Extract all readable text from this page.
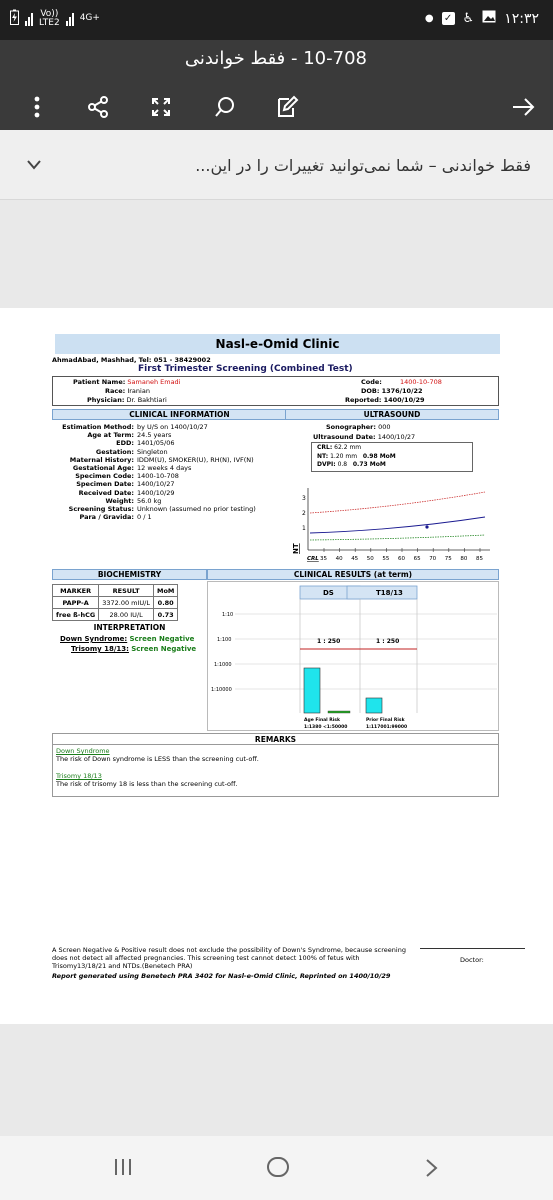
Vo))
LTE2 4G+	● ✓ ♿ ۱۲:۳۲
10-708 - فقط خواندنی
فقط خواندنی – شما نمی‌توانید تغییرات را در این...
Nasl-e-Omid Clinic
AhmadAbad, Mashhad, Tel: 051 - 38429002
First Trimester Screening (Combined Test)
Patient Name: Samaneh Emadi
Race: Iranian
Physician: Dr. Bakhtiari
Code:	1400-10-708
DOB: 1376/10/22
Reported: 1400/10/29
CLINICAL INFORMATION	ULTRASOUND
Estimation Method: by U/S on 1400/10/27
Age at Term: 24.5 years
EDD: 1401/05/06
Gestation: Singleton
Maternal History: IDDM(U), SMOKER(U), RH(N), IVF(N)
Gestational Age: 12 weeks 4 days
Specimen Code: 1400-10-708
Specimen Date: 1400/10/27
Received Date: 1400/10/29
Weight: 56.0 kg
Screening Status: Unknown (assumed no prior testing)
Para / Gravida: 0 / 1
Sonographer: 000
Ultrasound Date: 1400/10/27
CRL: 62.2 mm
NT: 1.20 mm 0.98 MoM
DVPI: 0.8 0.73 MoM
3
2
1
NT
CRL 35 40 45 50 55 60 65 70 75 80 85
BIOCHEMISTRY
MARKER	RESULT	MoM
PAPP-A	3372.00 mIU/L	0.80
free ß-hCG	28.00 IU/L	0.73
INTERPRETATION
Down Syndrome: Screen Negative
Trisomy 18/13: Screen Negative
CLINICAL RESULTS (at term)
DS	T18/13
1:10
1:100
1:1000
1:10000
1 : 250	1 : 250
Age Final Risk
1:1380 <1:50000
Prior Final Risk
1:117001:99000
REMARKS
Down Syndrome
The risk of Down syndrome is LESS than the screening cut-off.
Trisomy 18/13
The risk of trisomy 18 is less than the screening cut-off.
A Screen Negative & Positive result does not exclude the possibility of Down's Syndrome, because screening does not detect all affected pregnancies. This screening test cannot detect 100% of fetus with Trisomy13/18/21 and NTDs.(Benetech PRA)
Report generated using Benetech PRA 3402 for Nasl-e-Omid Clinic, Reprinted on 1400/10/29
Doctor:
